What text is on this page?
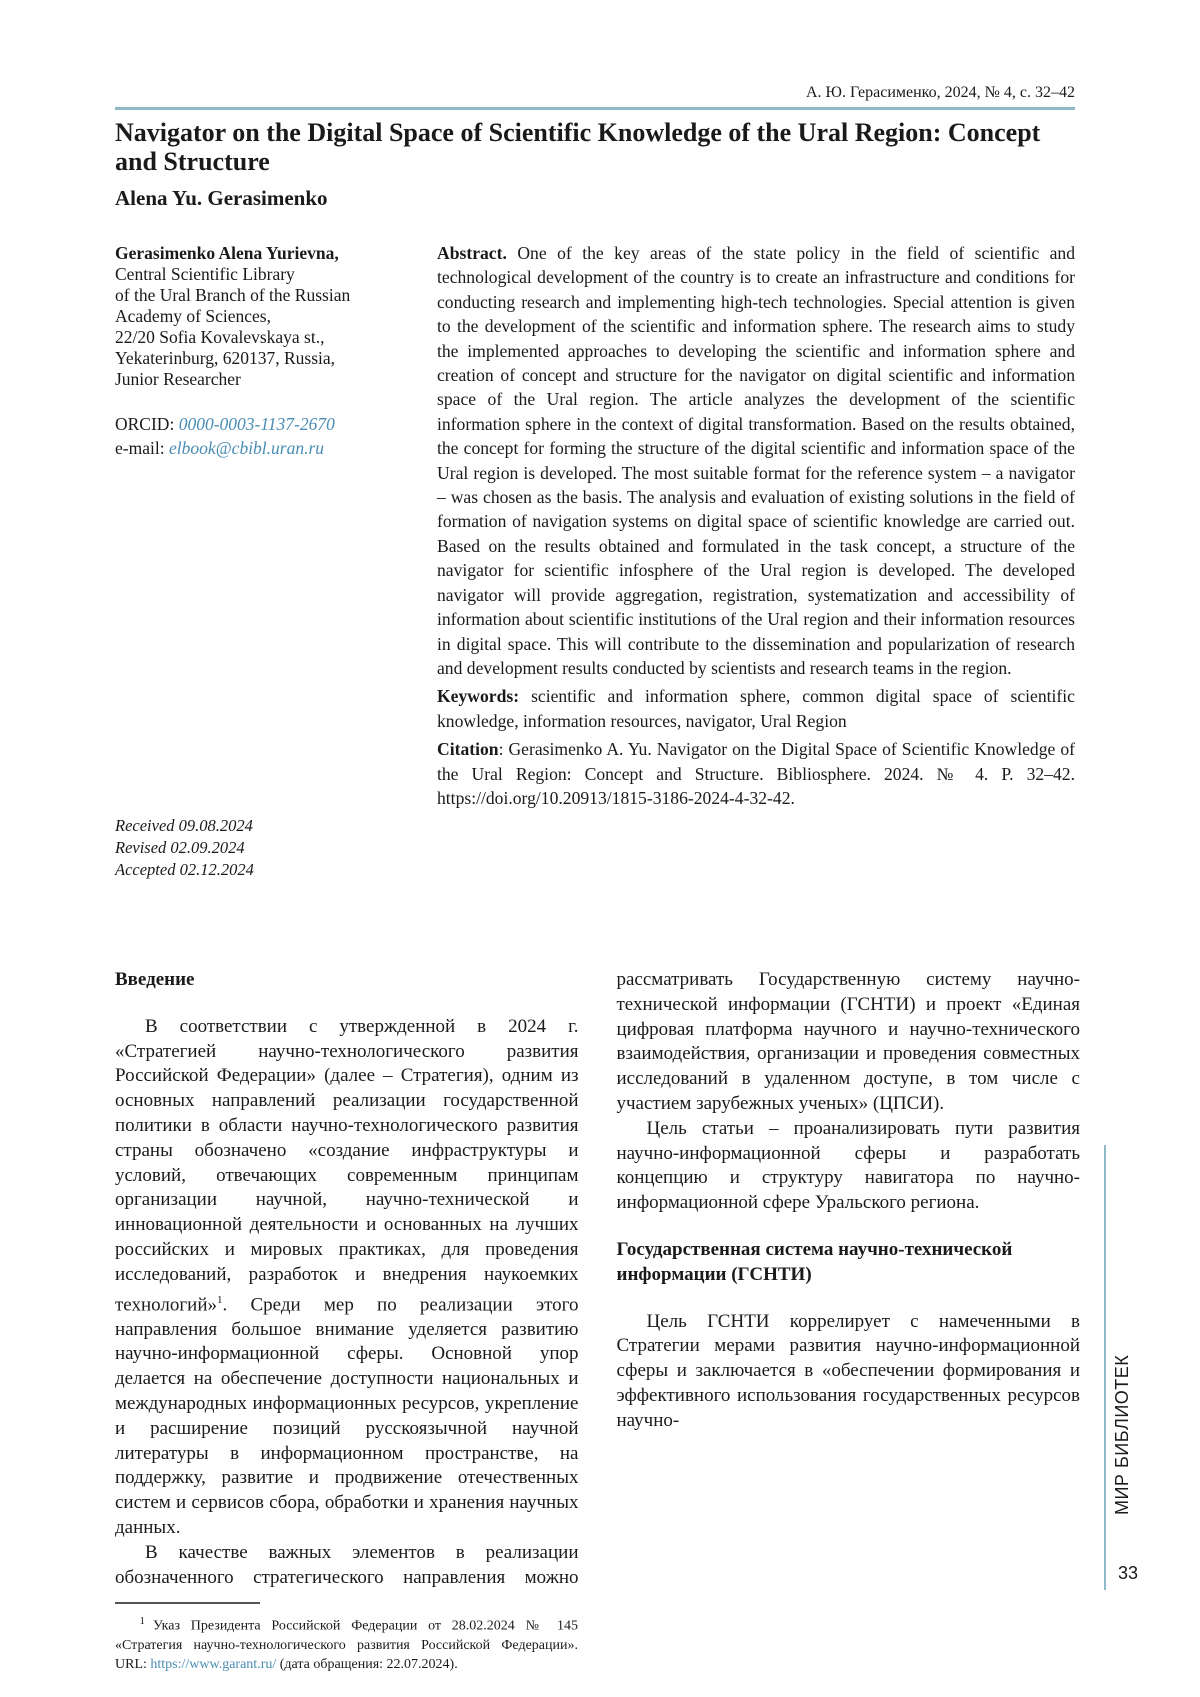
А. Ю. Герасименко, 2024, № 4, с. 32–42
Navigator on the Digital Space of Scientific Knowledge of the Ural Region: Concept and Structure
Alena Yu. Gerasimenko
Gerasimenko Alena Yurievna,
Central Scientific Library
of the Ural Branch of the Russian
Academy of Sciences,
22/20 Sofia Kovalevskaya st.,
Yekaterinburg, 620137, Russia,
Junior Researcher
ORCID: 0000-0003-1137-2670
e-mail: elbook@cbibl.uran.ru
Received 09.08.2024
Revised 02.09.2024
Accepted 02.12.2024

Abstract. One of the key areas of the state policy in the field of scientific and technological development of the country is to create an infrastructure and conditions for conducting research and implementing high-tech technologies. Special attention is given to the development of the scientific and information sphere. The research aims to study the implemented approaches to developing the scientific and information sphere and creation of concept and structure for the navigator on digital scientific and information space of the Ural region. The article analyzes the development of the scientific information sphere in the context of digital transformation. Based on the results obtained, the concept for forming the structure of the digital scientific and information space of the Ural region is developed. The most suitable format for the reference system – a navigator – was chosen as the basis. The analysis and evaluation of existing solutions in the field of formation of navigation systems on digital space of scientific knowledge are carried out. Based on the results obtained and formulated in the task concept, a structure of the navigator for scientific infosphere of the Ural region is developed. The developed navigator will provide aggregation, registration, systematization and accessibility of information about scientific institutions of the Ural region and their information resources in digital space. This will contribute to the dissemination and popularization of research and development results conducted by scientists and research teams in the region.

Keywords: scientific and information sphere, common digital space of scientific knowledge, information resources, navigator, Ural Region

Citation: Gerasimenko A. Yu. Navigator on the Digital Space of Scientific Knowledge of the Ural Region: Concept and Structure. Bibliosphere. 2024. № 4. P. 32–42. https://doi.org/10.20913/1815-3186-2024-4-32-42.

Введение

В соответствии с утвержденной в 2024 г. «Стратегией научно-технологического развития Российской Федерации» (далее – Стратегия), одним из основных направлений реализации государственной политики в области научно-технологического развития страны обозначено «создание инфраструктуры и условий, отвечающих современным принципам организации научной, научно-технической и инновационной деятельности и основанных на лучших российских и мировых практиках, для проведения исследований, разработок и внедрения наукоемких технологий»1. Среди мер по реализации этого направления большое внимание уделяется развитию научно-информационной сферы. Основной упор делается на обеспечение доступности национальных и международных информационных ресурсов, укрепление и расширение позиций русскоязычной научной литературы в информационном пространстве, на поддержку, развитие и продвижение отечественных систем и сервисов сбора, обработки и хранения научных данных.

В качестве важных элементов в реализации обозначенного стратегического направления можно рассматривать Государственную систему научно-технической информации (ГСНТИ) и проект «Единая цифровая платформа научного и научно-технического взаимодействия, организации и проведения совместных исследований в удаленном доступе, в том числе с участием зарубежных ученых» (ЦПСИ).

Цель статьи – проанализировать пути развития научно-информационной сферы и разработать концепцию и структуру навигатора по научно-информационной сфере Уральского региона.

Государственная система научно-технической информации (ГСНТИ)

Цель ГСНТИ коррелирует с намеченными в Стратегии мерами развития научно-информационной сферы и заключается в «обеспечении формирования и эффективного использования государственных ресурсов научно-

1 Указ Президента Российской Федерации от 28.02.2024 № 145 «Стратегия научно-технологического развития Российской Федерации». URL: https://www.garant.ru/ (дата обращения: 22.07.2024).
МИР БИБЛИОТЕК
33
